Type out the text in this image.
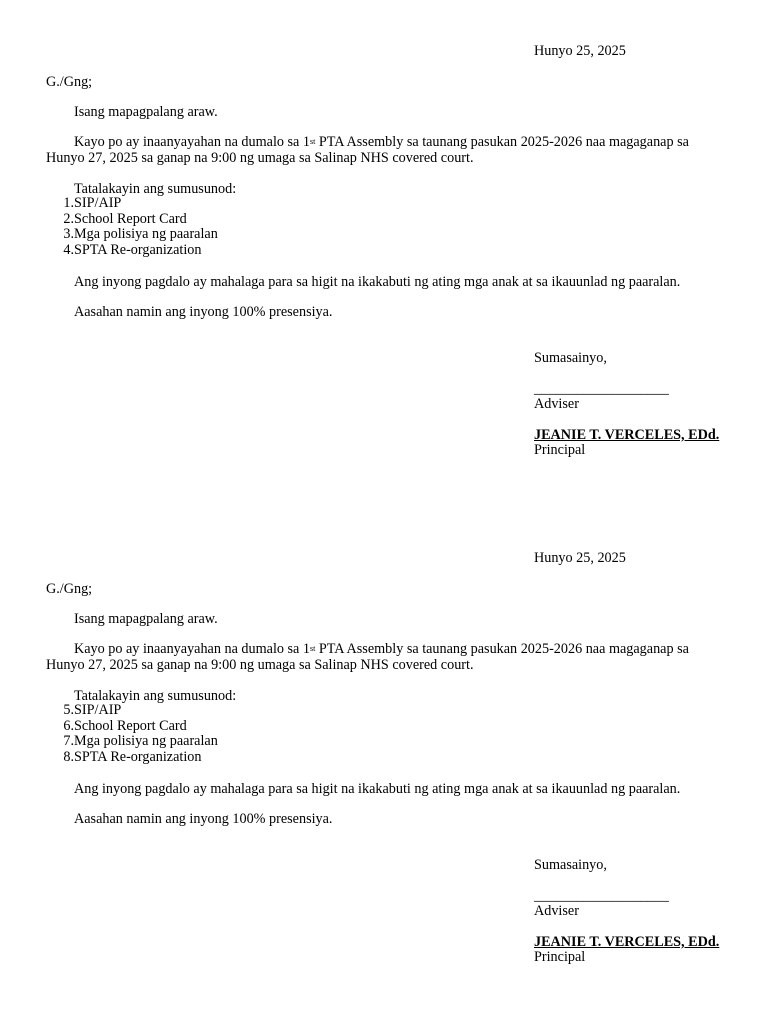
Hunyo 25, 2025
G./Gng;
Isang mapagpalang araw.
Kayo po ay inaanyayahan na dumalo sa 1st PTA Assembly sa taunang pasukan 2025-2026 naa magaganap sa Hunyo 27, 2025 sa ganap na 9:00 ng umaga sa Salinap NHS covered court.
Tatalakayin ang sumusunod:
1. SIP/AIP
2. School Report Card
3. Mga polisiya ng paaralan
4. SPTA Re-organization
Ang inyong pagdalo ay mahalaga para sa higit na ikakabuti ng ating mga anak at sa ikauunlad ng paaralan.
Aasahan namin ang inyong 100% presensiya.
Sumasainyo,
___________________
Adviser
JEANIE T. VERCELES, EDd.
Principal
Hunyo 25, 2025
G./Gng;
Isang mapagpalang araw.
Kayo po ay inaanyayahan na dumalo sa 1st PTA Assembly sa taunang pasukan 2025-2026 naa magaganap sa Hunyo 27, 2025 sa ganap na 9:00 ng umaga sa Salinap NHS covered court.
Tatalakayin ang sumusunod:
5. SIP/AIP
6. School Report Card
7. Mga polisiya ng paaralan
8. SPTA Re-organization
Ang inyong pagdalo ay mahalaga para sa higit na ikakabuti ng ating mga anak at sa ikauunlad ng paaralan.
Aasahan namin ang inyong 100% presensiya.
Sumasainyo,
___________________
Adviser
JEANIE T. VERCELES, EDd.
Principal
